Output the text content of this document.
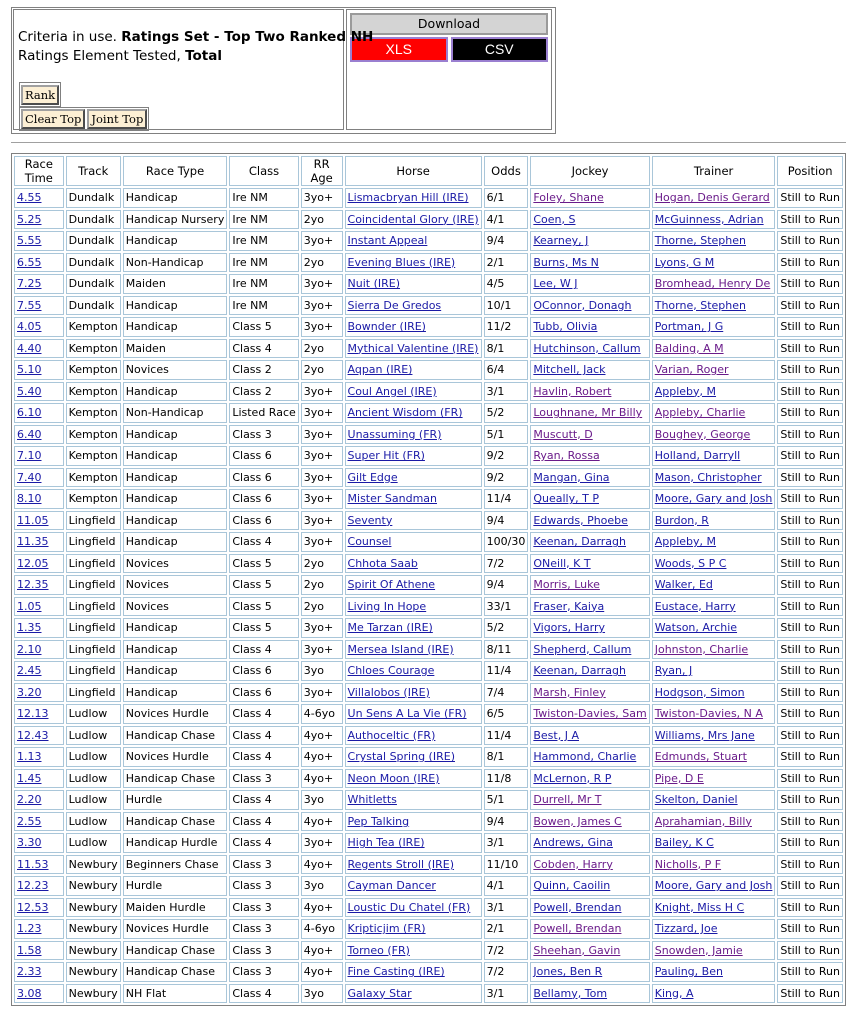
Criteria in use. Ratings Set - Top Two Ranked NH
Ratings Element Tested, Total
Rank
Clear Top Joint Top
Download
XLS	CSV
Race Time	Track	Race Type	Class	RR Age	Horse	Odds	Jockey	Trainer	Position
4.55	Dundalk	Handicap	Ire NM	3yo+	Lismacbryan Hill (IRE)	6/1	Foley, Shane	Hogan, Denis Gerard	Still to Run
5.25	Dundalk	Handicap Nursery	Ire NM	2yo	Coincidental Glory (IRE)	4/1	Coen, S	McGuinness, Adrian	Still to Run
5.55	Dundalk	Handicap	Ire NM	3yo+	Instant Appeal	9/4	Kearney, J	Thorne, Stephen	Still to Run
6.55	Dundalk	Non-Handicap	Ire NM	2yo	Evening Blues (IRE)	2/1	Burns, Ms N	Lyons, G M	Still to Run
7.25	Dundalk	Maiden	Ire NM	3yo+	Nuit (IRE)	4/5	Lee, W J	Bromhead, Henry De	Still to Run
7.55	Dundalk	Handicap	Ire NM	3yo+	Sierra De Gredos	10/1	OConnor, Donagh	Thorne, Stephen	Still to Run
4.05	Kempton	Handicap	Class 5	3yo+	Bownder (IRE)	11/2	Tubb, Olivia	Portman, J G	Still to Run
4.40	Kempton	Maiden	Class 4	2yo	Mythical Valentine (IRE)	8/1	Hutchinson, Callum	Balding, A M	Still to Run
5.10	Kempton	Novices	Class 2	2yo	Aqpan (IRE)	6/4	Mitchell, Jack	Varian, Roger	Still to Run
5.40	Kempton	Handicap	Class 2	3yo+	Coul Angel (IRE)	3/1	Havlin, Robert	Appleby, M	Still to Run
6.10	Kempton	Non-Handicap	Listed Race	3yo+	Ancient Wisdom (FR)	5/2	Loughnane, Mr Billy	Appleby, Charlie	Still to Run
6.40	Kempton	Handicap	Class 3	3yo+	Unassuming (FR)	5/1	Muscutt, D	Boughey, George	Still to Run
7.10	Kempton	Handicap	Class 6	3yo+	Super Hit (FR)	9/2	Ryan, Rossa	Holland, Darryll	Still to Run
7.40	Kempton	Handicap	Class 6	3yo+	Gilt Edge	9/2	Mangan, Gina	Mason, Christopher	Still to Run
8.10	Kempton	Handicap	Class 6	3yo+	Mister Sandman	11/4	Queally, T P	Moore, Gary and Josh	Still to Run
11.05	Lingfield	Handicap	Class 6	3yo+	Seventy	9/4	Edwards, Phoebe	Burdon, R	Still to Run
11.35	Lingfield	Handicap	Class 4	3yo+	Counsel	100/30	Keenan, Darragh	Appleby, M	Still to Run
12.05	Lingfield	Novices	Class 5	2yo	Chhota Saab	7/2	ONeill, K T	Woods, S P C	Still to Run
12.35	Lingfield	Novices	Class 5	2yo	Spirit Of Athene	9/4	Morris, Luke	Walker, Ed	Still to Run
1.05	Lingfield	Novices	Class 5	2yo	Living In Hope	33/1	Fraser, Kaiya	Eustace, Harry	Still to Run
1.35	Lingfield	Handicap	Class 5	3yo+	Me Tarzan (IRE)	5/2	Vigors, Harry	Watson, Archie	Still to Run
2.10	Lingfield	Handicap	Class 4	3yo+	Mersea Island (IRE)	8/11	Shepherd, Callum	Johnston, Charlie	Still to Run
2.45	Lingfield	Handicap	Class 6	3yo	Chloes Courage	11/4	Keenan, Darragh	Ryan, J	Still to Run
3.20	Lingfield	Handicap	Class 6	3yo+	Villalobos (IRE)	7/4	Marsh, Finley	Hodgson, Simon	Still to Run
12.13	Ludlow	Novices Hurdle	Class 4	4-6yo	Un Sens A La Vie (FR)	6/5	Twiston-Davies, Sam	Twiston-Davies, N A	Still to Run
12.43	Ludlow	Handicap Chase	Class 4	4yo+	Authoceltic (FR)	11/4	Best, J A	Williams, Mrs Jane	Still to Run
1.13	Ludlow	Novices Hurdle	Class 4	4yo+	Crystal Spring (IRE)	8/1	Hammond, Charlie	Edmunds, Stuart	Still to Run
1.45	Ludlow	Handicap Chase	Class 3	4yo+	Neon Moon (IRE)	11/8	McLernon, R P	Pipe, D E	Still to Run
2.20	Ludlow	Hurdle	Class 4	3yo	Whitletts	5/1	Durrell, Mr T	Skelton, Daniel	Still to Run
2.55	Ludlow	Handicap Chase	Class 4	4yo+	Pep Talking	9/4	Bowen, James C	Aprahamian, Billy	Still to Run
3.30	Ludlow	Handicap Hurdle	Class 4	3yo+	High Tea (IRE)	3/1	Andrews, Gina	Bailey, K C	Still to Run
11.53	Newbury	Beginners Chase	Class 3	4yo+	Regents Stroll (IRE)	11/10	Cobden, Harry	Nicholls, P F	Still to Run
12.23	Newbury	Hurdle	Class 3	3yo	Cayman Dancer	4/1	Quinn, Caoilin	Moore, Gary and Josh	Still to Run
12.53	Newbury	Maiden Hurdle	Class 3	4yo+	Loustic Du Chatel (FR)	3/1	Powell, Brendan	Knight, Miss H C	Still to Run
1.23	Newbury	Novices Hurdle	Class 3	4-6yo	Kripticjim (FR)	2/1	Powell, Brendan	Tizzard, Joe	Still to Run
1.58	Newbury	Handicap Chase	Class 3	4yo+	Torneo (FR)	7/2	Sheehan, Gavin	Snowden, Jamie	Still to Run
2.33	Newbury	Handicap Chase	Class 3	4yo+	Fine Casting (IRE)	7/2	Jones, Ben R	Pauling, Ben	Still to Run
3.08	Newbury	NH Flat	Class 4	3yo	Galaxy Star	3/1	Bellamy, Tom	King, A	Still to Run
